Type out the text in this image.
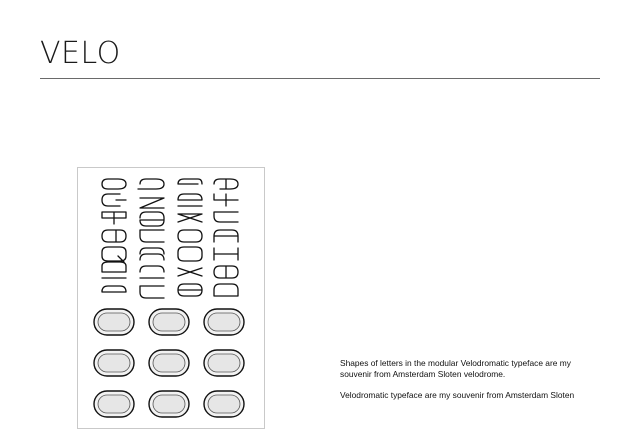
VELO

Shapes of letters in the modular Velodromatic typeface are my souvenir from Amsterdam Sloten velodrome.

Velodromatic typeface are my souvenir from Amsterdam Sloten
